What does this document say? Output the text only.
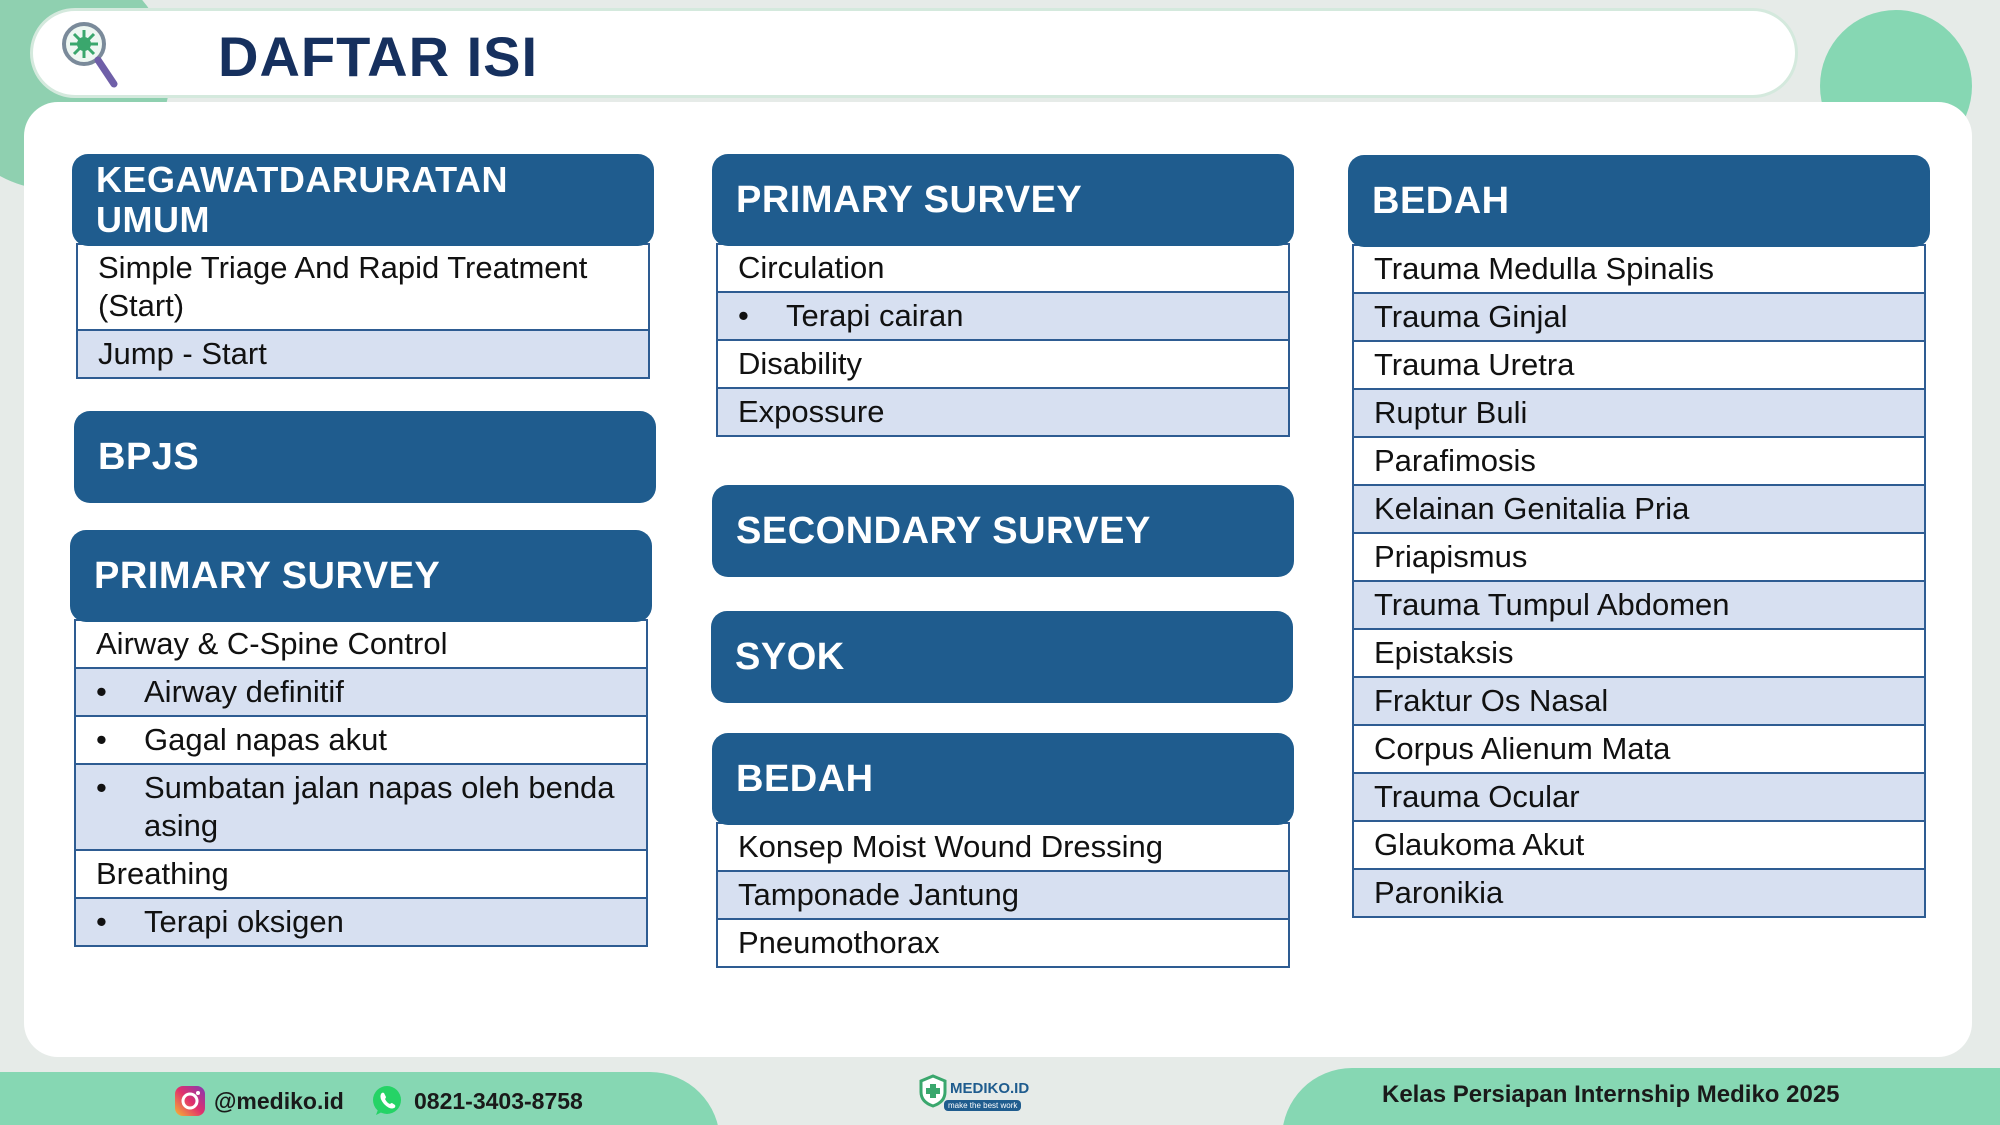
DAFTAR ISI
KEGAWATDARURATAN UMUM
Simple Triage And Rapid Treatment (Start)
Jump - Start
BPJS
PRIMARY SURVEY
Airway & C-Spine Control
•	Airway definitif
•	Gagal napas akut
•	Sumbatan jalan napas oleh benda asing
Breathing
•	Terapi oksigen
PRIMARY SURVEY
Circulation
•	Terapi cairan
Disability
Expossure
SECONDARY SURVEY
SYOK
BEDAH
Konsep Moist Wound Dressing
Tamponade Jantung
Pneumothorax
BEDAH
Trauma Medulla Spinalis
Trauma Ginjal
Trauma Uretra
Ruptur Buli
Parafimosis
Kelainan Genitalia Pria
Priapismus
Trauma Tumpul Abdomen
Epistaksis
Fraktur Os Nasal
Corpus Alienum Mata
Trauma Ocular
Glaukoma Akut
Paronikia
@mediko.id	0821-3403-8758	MEDIKO.ID
make the best work	Kelas Persiapan Internship Mediko 2025
